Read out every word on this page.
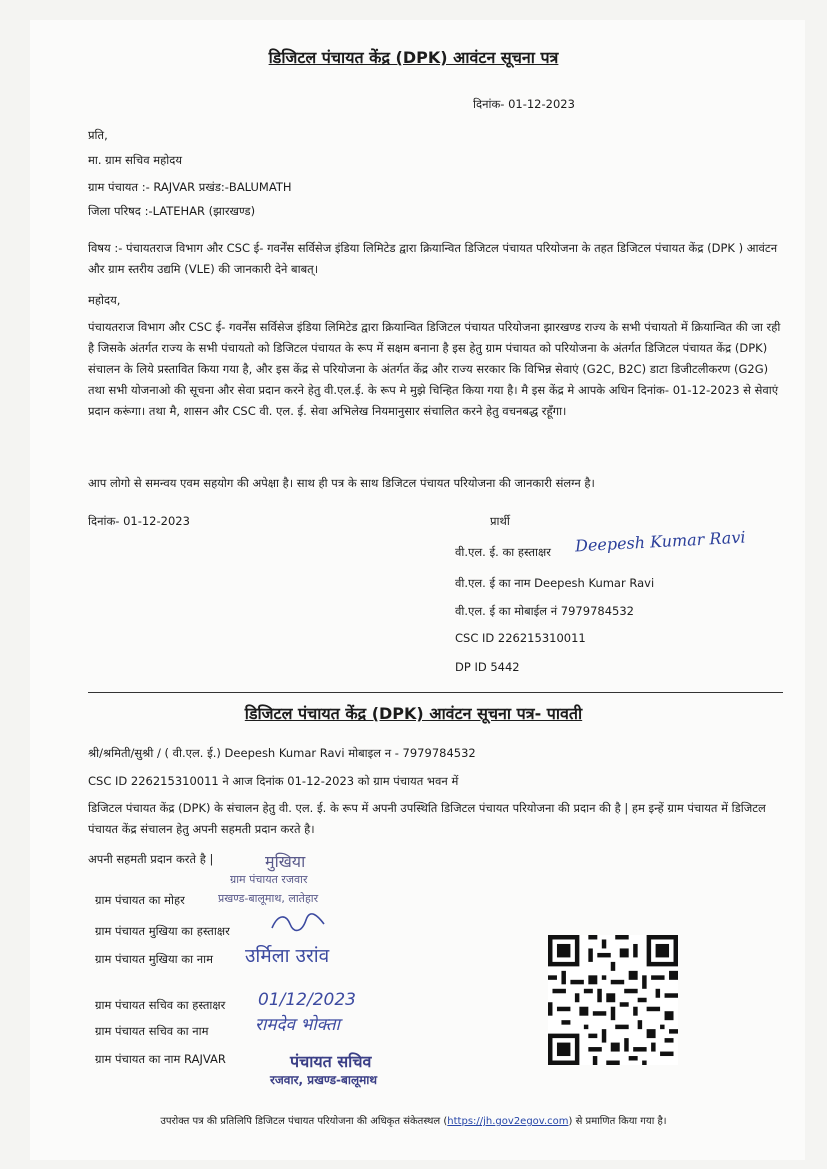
डिजिटल पंचायत केंद्र (DPK) आवंटन सूचना पत्र
दिनांक- 01-12-2023
प्रति,
मा. ग्राम सचिव महोदय
ग्राम पंचायत :- RAJVAR प्रखंड:-BALUMATH
जिला परिषद :-LATEHAR (झारखण्ड)
विषय :- पंचायतराज विभाग और CSC ई- गवर्नेंस सर्विसेज इंडिया लिमिटेड द्वारा क्रियान्वित डिजिटल पंचायत परियोजना के तहत डिजिटल पंचायत केंद्र (DPK ) आवंटन और ग्राम स्तरीय उद्यमि (VLE) की जानकारी देने बाबत्।
महोदय,
पंचायतराज विभाग और CSC ई- गवर्नेंस सर्विसेज इंडिया लिमिटेड द्वारा क्रियान्वित डिजिटल पंचायत परियोजना झारखण्ड राज्य के सभी पंचायतो में क्रियान्वित की जा रही है जिसके अंतर्गत राज्य के सभी पंचायतो को डिजिटल पंचायत के रूप में सक्षम बनाना है इस हेतु ग्राम पंचायत को परियोजना के अंतर्गत डिजिटल पंचायत केंद्र (DPK) संचालन के लिये प्रस्तावित किया गया है, और इस केंद्र से परियोजना के अंतर्गत केंद्र और राज्य सरकार कि विभिन्न सेवाएं (G2C, B2C) डाटा डिजीटलीकरण (G2G) तथा सभी योजनाओ की सूचना और सेवा प्रदान करने हेतु वी.एल.ई. के रूप मे मुझे चिन्हित किया गया है। मै इस केंद्र मे आपके अधिन दिनांक- 01-12-2023 से सेवाएं प्रदान करूंगा। तथा मै, शासन और CSC वी. एल. ई. सेवा अभिलेख नियमानुसार संचालित करने हेतु वचनबद्ध रहूँगा।
आप लोगो से समन्वय एवम सहयोग की अपेक्षा है। साथ ही पत्र के साथ डिजिटल पंचायत परियोजना की जानकारी संलग्न है।
दिनांक- 01-12-2023	प्रार्थी
वी.एल. ई. का हस्ताक्षर Deepesh Kumar Ravi
वी.एल. ई का नाम Deepesh Kumar Ravi
वी.एल. ई का मोबाईल नं 7979784532
CSC ID 226215310011
DP ID 5442
डिजिटल पंचायत केंद्र (DPK) आवंटन सूचना पत्र- पावती
श्री/श्रमिती/सुश्री / ( वी.एल. ई.) Deepesh Kumar Ravi मोबाइल न - 7979784532
CSC ID 226215310011 ने आज दिनांक 01-12-2023 को ग्राम पंचायत भवन में
डिजिटल पंचायत केंद्र (DPK) के संचालन हेतु वी. एल. ई. के रूप में अपनी उपस्थिति डिजिटल पंचायत परियोजना की प्रदान की है | हम इन्हें ग्राम पंचायत में डिजिटल पंचायत केंद्र संचालन हेतु अपनी सहमती प्रदान करते है।
अपनी सहमती प्रदान करते है |	मुखिया
ग्राम पंचायत रजवार
प्रखण्ड-बालूमाथ, लातेहार
ग्राम पंचायत का मोहर
ग्राम पंचायत मुखिया का हस्ताक्षर
ग्राम पंचायत मुखिया का नाम उर्मिला उरांव
ग्राम पंचायत सचिव का हस्ताक्षर 01/12/2023
ग्राम पंचायत सचिव का नाम	रामदेव भोक्ता
ग्राम पंचायत का नाम RAJVAR	पंचायत सचिव
रजवार, प्रखण्ड-बालूमाथ
उपरोक्त पत्र की प्रतिलिपि डिजिटल पंचायत परियोजना की अधिकृत संकेतस्थल (https://jh.gov2egov.com) से प्रमाणित किया गया है।
